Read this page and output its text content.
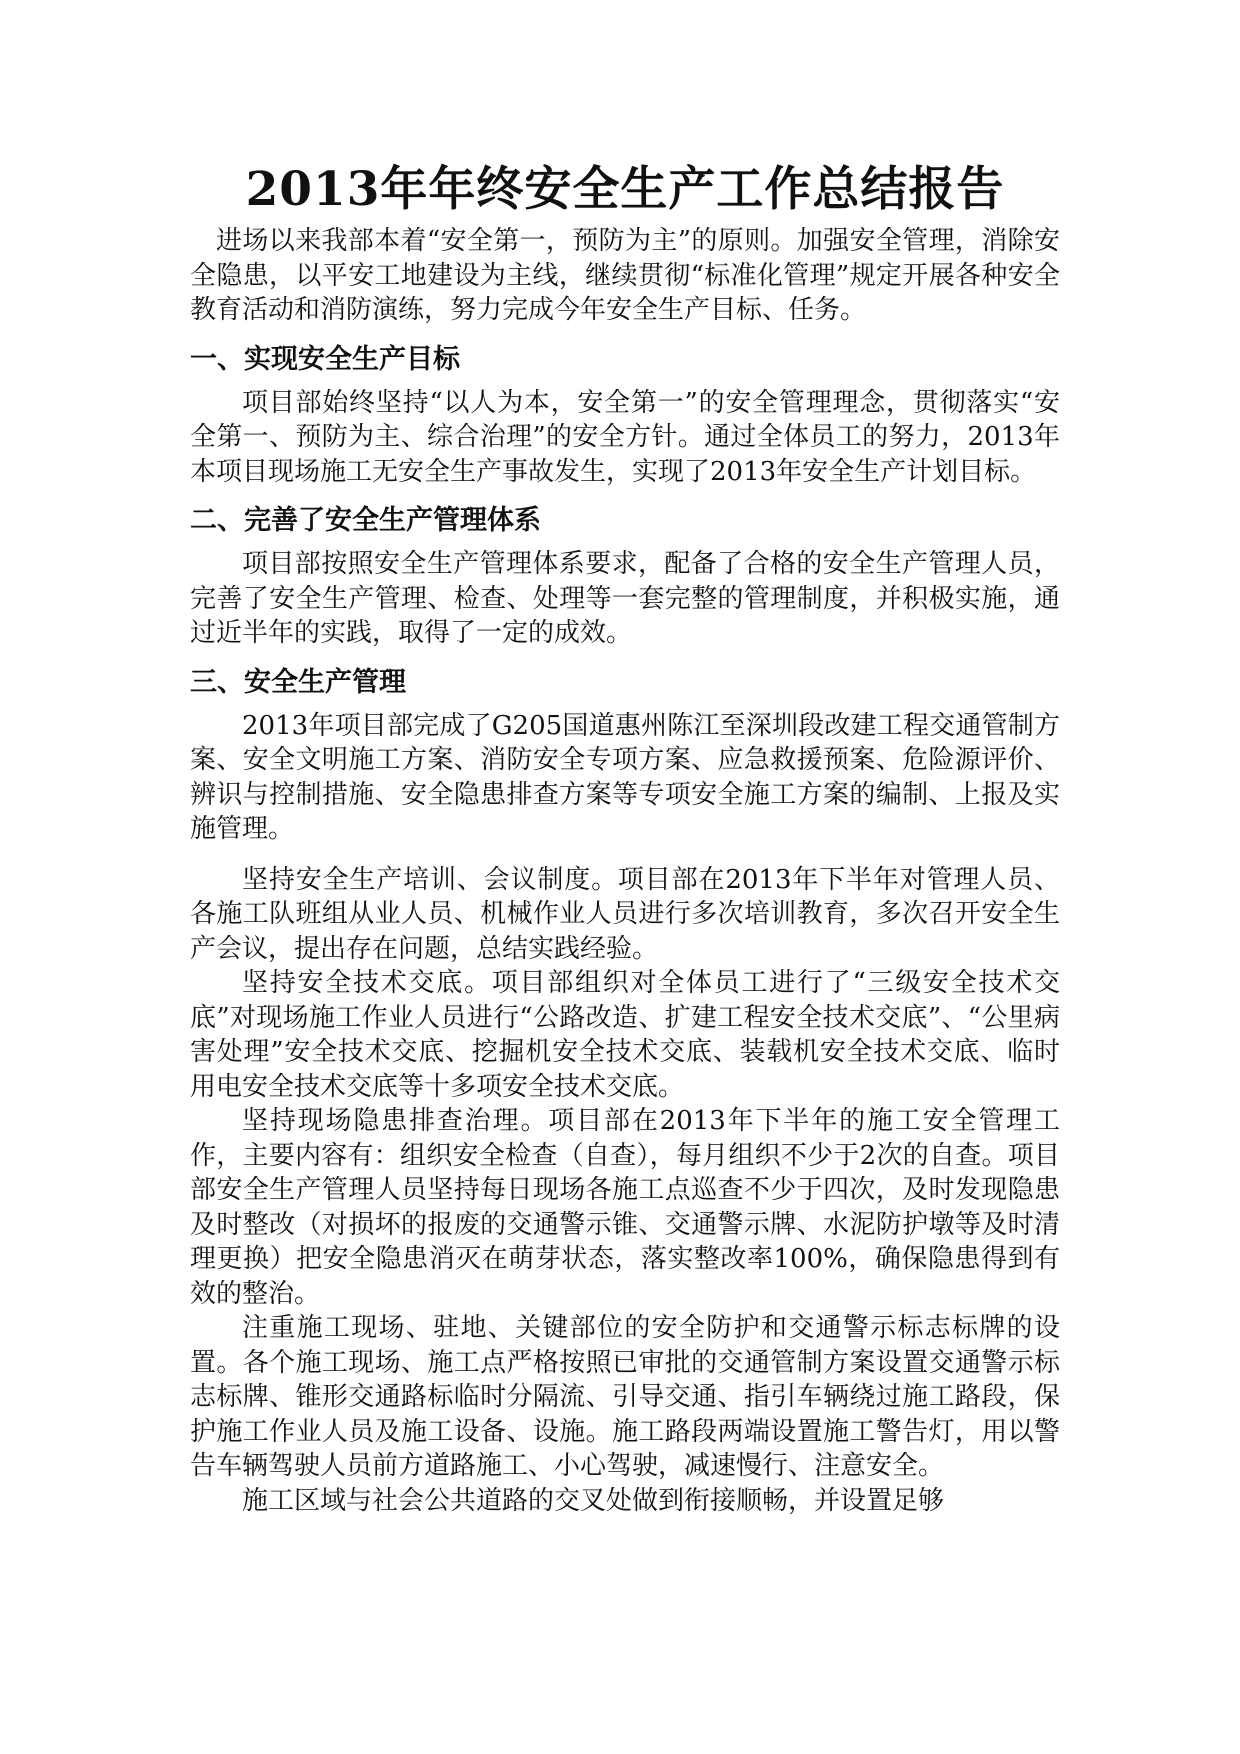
2013年年终安全生产工作总结报告

进场以来我部本着“安全第一，预防为主”的原则。加强安全管理，消除安全隐患，以平安工地建设为主线，继续贯彻“标准化管理”规定开展各种安全教育活动和消防演练，努力完成今年安全生产目标、任务。

一、实现安全生产目标

项目部始终坚持“以人为本，安全第一”的安全管理理念，贯彻落实“安全第一、预防为主、综合治理”的安全方针。通过全体员工的努力，2013年本项目现场施工无安全生产事故发生，实现了2013年安全生产计划目标。

二、完善了安全生产管理体系

项目部按照安全生产管理体系要求，配备了合格的安全生产管理人员，完善了安全生产管理、检查、处理等一套完整的管理制度，并积极实施，通过近半年的实践，取得了一定的成效。

三、安全生产管理

2013年项目部完成了G205国道惠州陈江至深圳段改建工程交通管制方案、安全文明施工方案、消防安全专项方案、应急救援预案、危险源评价、辨识与控制措施、安全隐患排查方案等专项安全施工方案的编制、上报及实施管理。

坚持安全生产培训、会议制度。项目部在2013年下半年对管理人员、各施工队班组从业人员、机械作业人员进行多次培训教育，多次召开安全生产会议，提出存在问题，总结实践经验。

坚持安全技术交底。项目部组织对全体员工进行了“三级安全技术交底”对现场施工作业人员进行“公路改造、扩建工程安全技术交底”、“公里病害处理”安全技术交底、挖掘机安全技术交底、装载机安全技术交底、临时用电安全技术交底等十多项安全技术交底。

坚持现场隐患排查治理。项目部在2013年下半年的施工安全管理工作，主要内容有：组织安全检查（自查），每月组织不少于2次的自查。项目部安全生产管理人员坚持每日现场各施工点巡查不少于四次，及时发现隐患及时整改（对损坏的报废的交通警示锥、交通警示牌、水泥防护墩等及时清理更换）把安全隐患消灭在萌芽状态，落实整改率100%，确保隐患得到有效的整治。

注重施工现场、驻地、关键部位的安全防护和交通警示标志标牌的设置。各个施工现场、施工点严格按照已审批的交通管制方案设置交通警示标志标牌、锥形交通路标临时分隔流、引导交通、指引车辆绕过施工路段，保护施工作业人员及施工设备、设施。施工路段两端设置施工警告灯，用以警告车辆驾驶人员前方道路施工、小心驾驶，减速慢行、注意安全。

施工区域与社会公共道路的交叉处做到衔接顺畅，并设置足够
